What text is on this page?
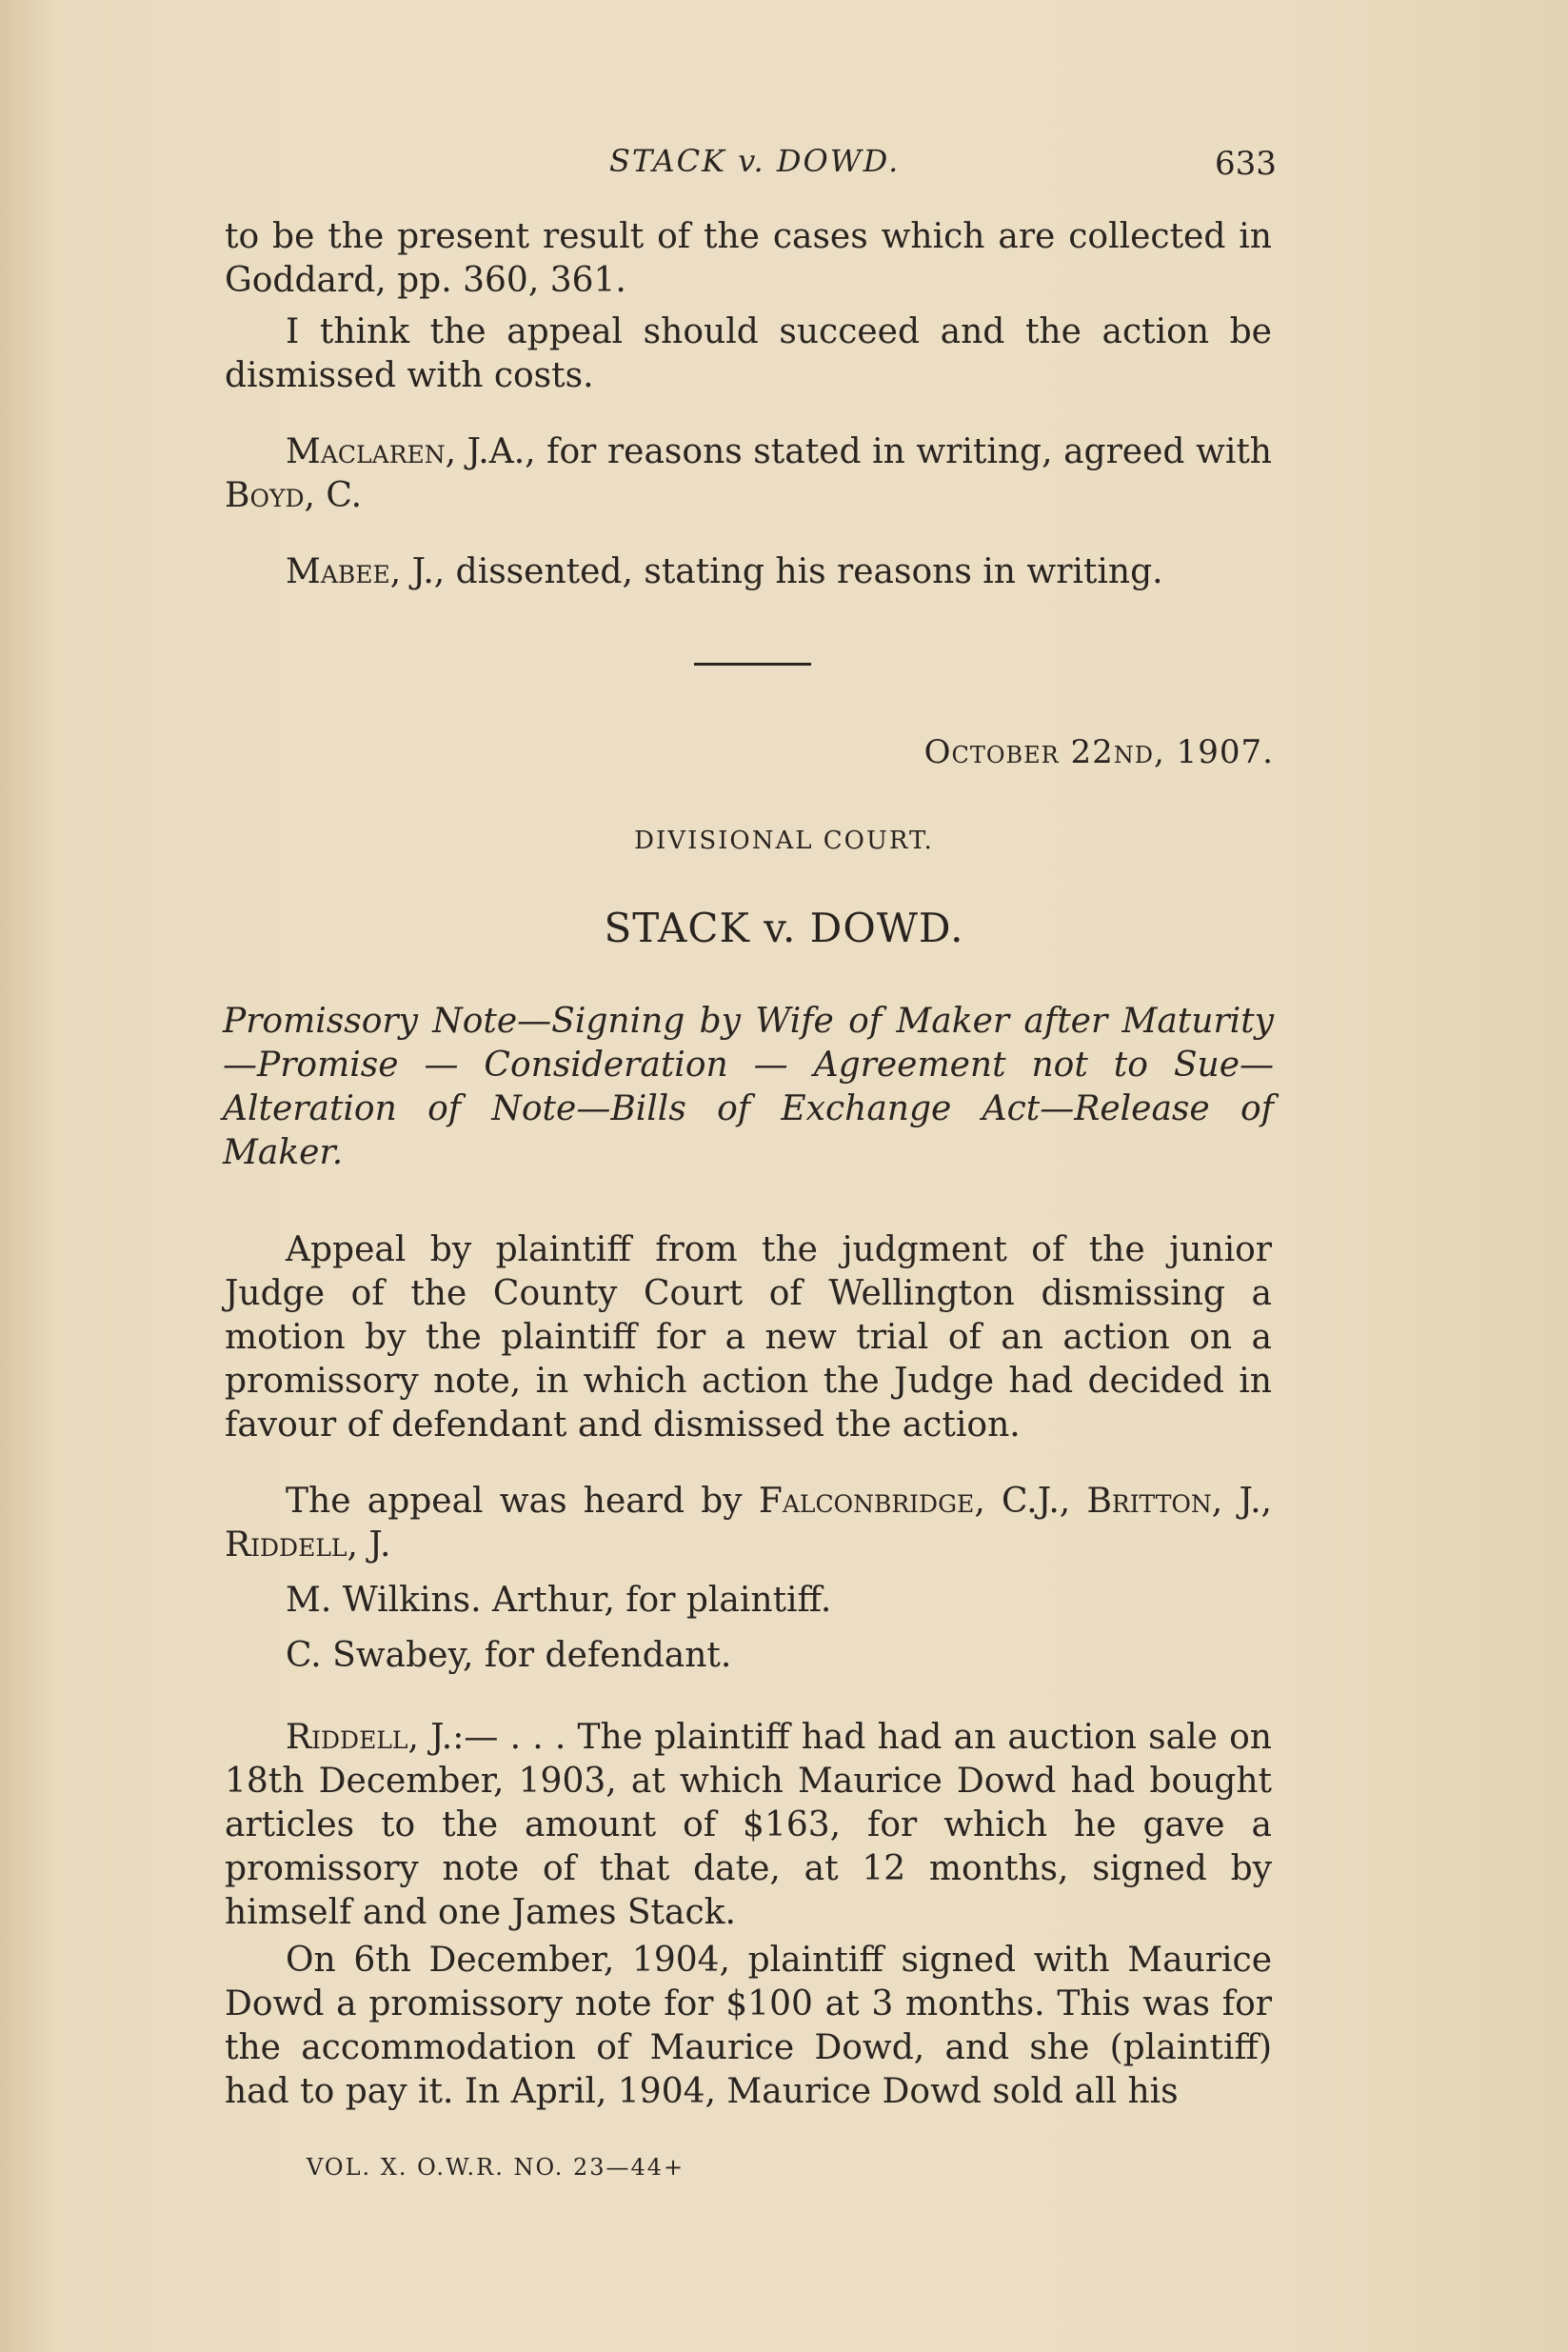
STACK v. DOWD.	633

to be the present result of the cases which are collected in Goddard, pp. 360, 361.

I think the appeal should succeed and the action be dismissed with costs.

Maclaren, J.A., for reasons stated in writing, agreed with Boyd, C.

Mabee, J., dissented, stating his reasons in writing.

October 22nd, 1907.
DIVISIONAL COURT.
STACK v. DOWD.
Promissory Note—Signing by Wife of Maker after Maturity —Promise — Consideration — Agreement not to Sue— Alteration of Note—Bills of Exchange Act—Release of Maker.

Appeal by plaintiff from the judgment of the junior Judge of the County Court of Wellington dismissing a motion by the plaintiff for a new trial of an action on a promissory note, in which action the Judge had decided in favour of defendant and dismissed the action.

The appeal was heard by Falconbridge, C.J., Britton, J., Riddell, J.

M. Wilkins. Arthur, for plaintiff.

C. Swabey, for defendant.

Riddell, J.:— . . . The plaintiff had had an auction sale on 18th December, 1903, at which Maurice Dowd had bought articles to the amount of $163, for which he gave a promissory note of that date, at 12 months, signed by himself and one James Stack.

On 6th December, 1904, plaintiff signed with Maurice Dowd a promissory note for $100 at 3 months. This was for the accommodation of Maurice Dowd, and she (plaintiff) had to pay it. In April, 1904, Maurice Dowd sold all his

VOL. X. O.W.R. NO. 23—44+
